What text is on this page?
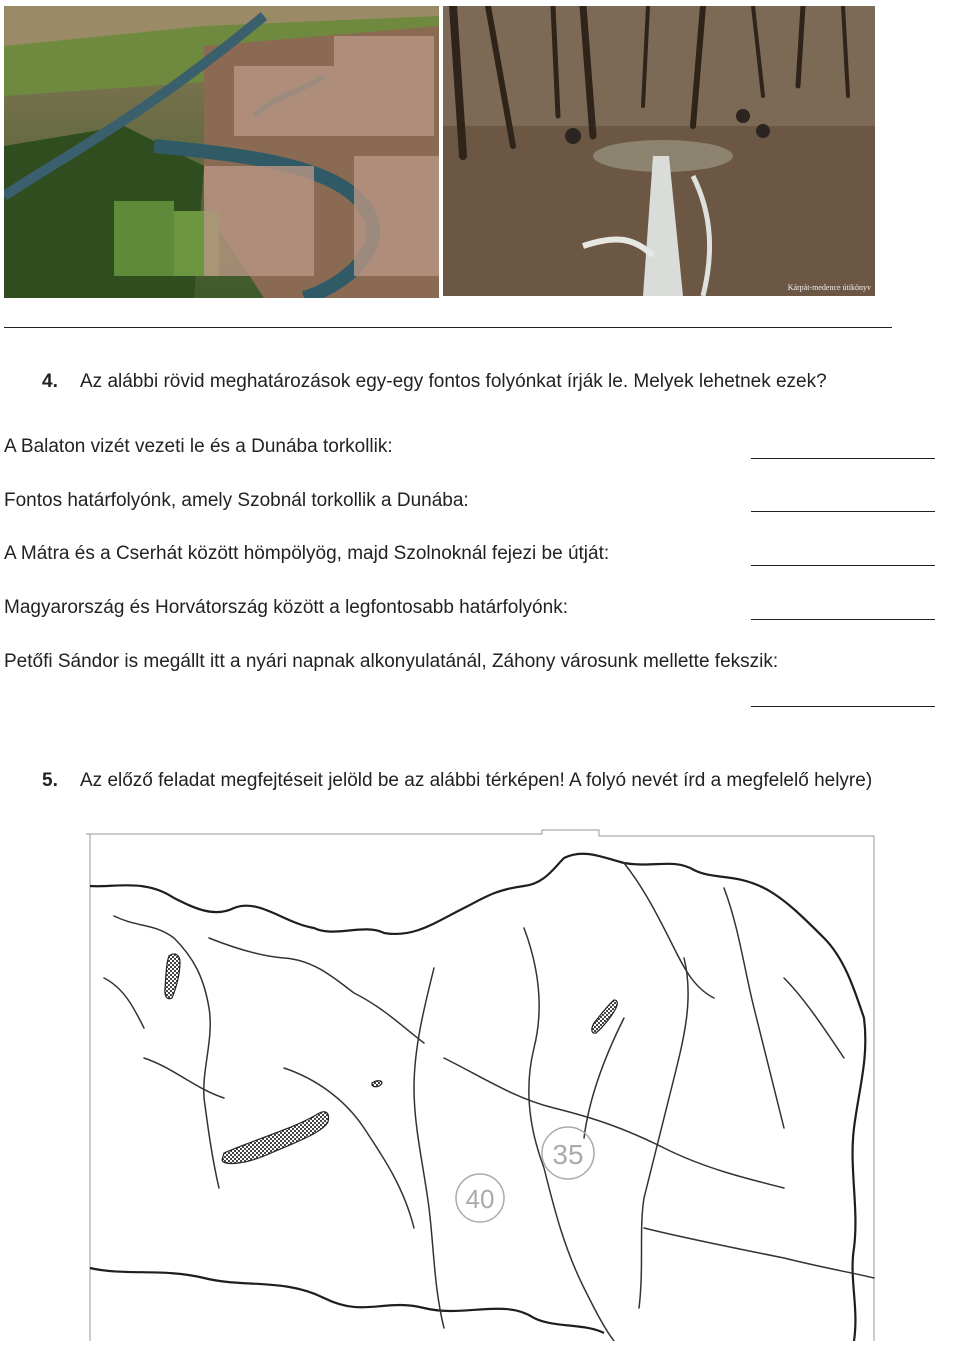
Kárpát-medence útikönyv
4. Az alábbi rövid meghatározások egy-egy fontos folyónkat írják le. Melyek lehetnek ezek?
A Balaton vizét vezeti le és a Dunába torkollik:
Fontos határfolyónk, amely Szobnál torkollik a Dunába:
A Mátra és a Cserhát között hömpölyög, majd Szolnoknál fejezi be útját:
Magyarország és Horvátország között a legfontosabb határfolyónk:
Petőfi Sándor is megállt itt a nyári napnak alkonyulatánál, Záhony városunk mellette fekszik:
5. Az előző feladat megfejtéseit jelöld be az alábbi térképen! A folyó nevét írd a megfelelő helyre)
40
35
